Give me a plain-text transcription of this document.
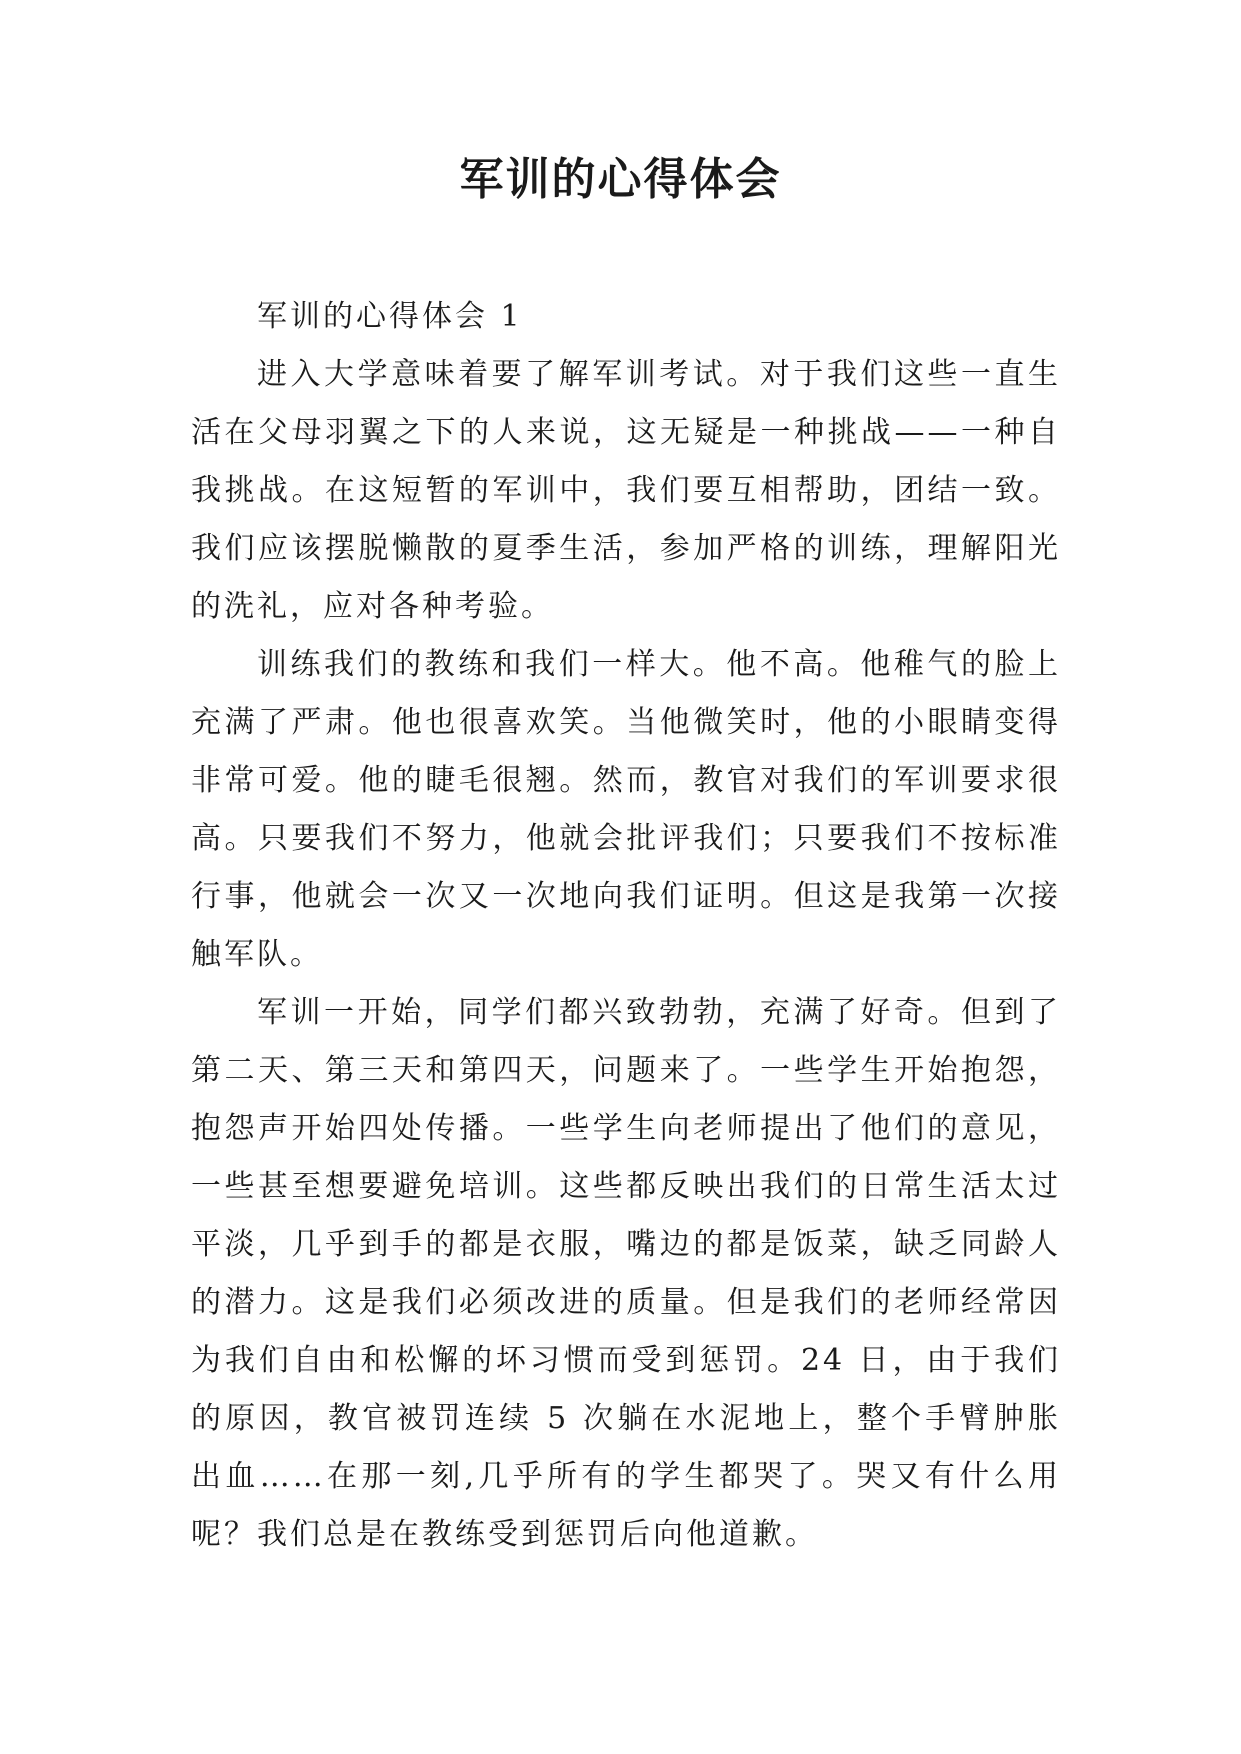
军训的心得体会

军训的心得体会 1

进入大学意味着要了解军训考试。对于我们这些一直生活在父母羽翼之下的人来说，这无疑是一种挑战——一种自我挑战。在这短暂的军训中，我们要互相帮助，团结一致。我们应该摆脱懒散的夏季生活，参加严格的训练，理解阳光的洗礼，应对各种考验。

训练我们的教练和我们一样大。他不高。他稚气的脸上充满了严肃。他也很喜欢笑。当他微笑时，他的小眼睛变得非常可爱。他的睫毛很翘。然而，教官对我们的军训要求很高。只要我们不努力，他就会批评我们；只要我们不按标准行事，他就会一次又一次地向我们证明。但这是我第一次接触军队。

军训一开始，同学们都兴致勃勃，充满了好奇。但到了第二天、第三天和第四天，问题来了。一些学生开始抱怨，抱怨声开始四处传播。一些学生向老师提出了他们的意见，一些甚至想要避免培训。这些都反映出我们的日常生活太过平淡，几乎到手的都是衣服，嘴边的都是饭菜，缺乏同龄人的潜力。这是我们必须改进的质量。但是我们的老师经常因为我们自由和松懈的坏习惯而受到惩罚。24 日，由于我们的原因，教官被罚连续 5 次躺在水泥地上，整个手臂肿胀出血……在那一刻,几乎所有的学生都哭了。哭又有什么用呢？我们总是在教练受到惩罚后向他道歉。
